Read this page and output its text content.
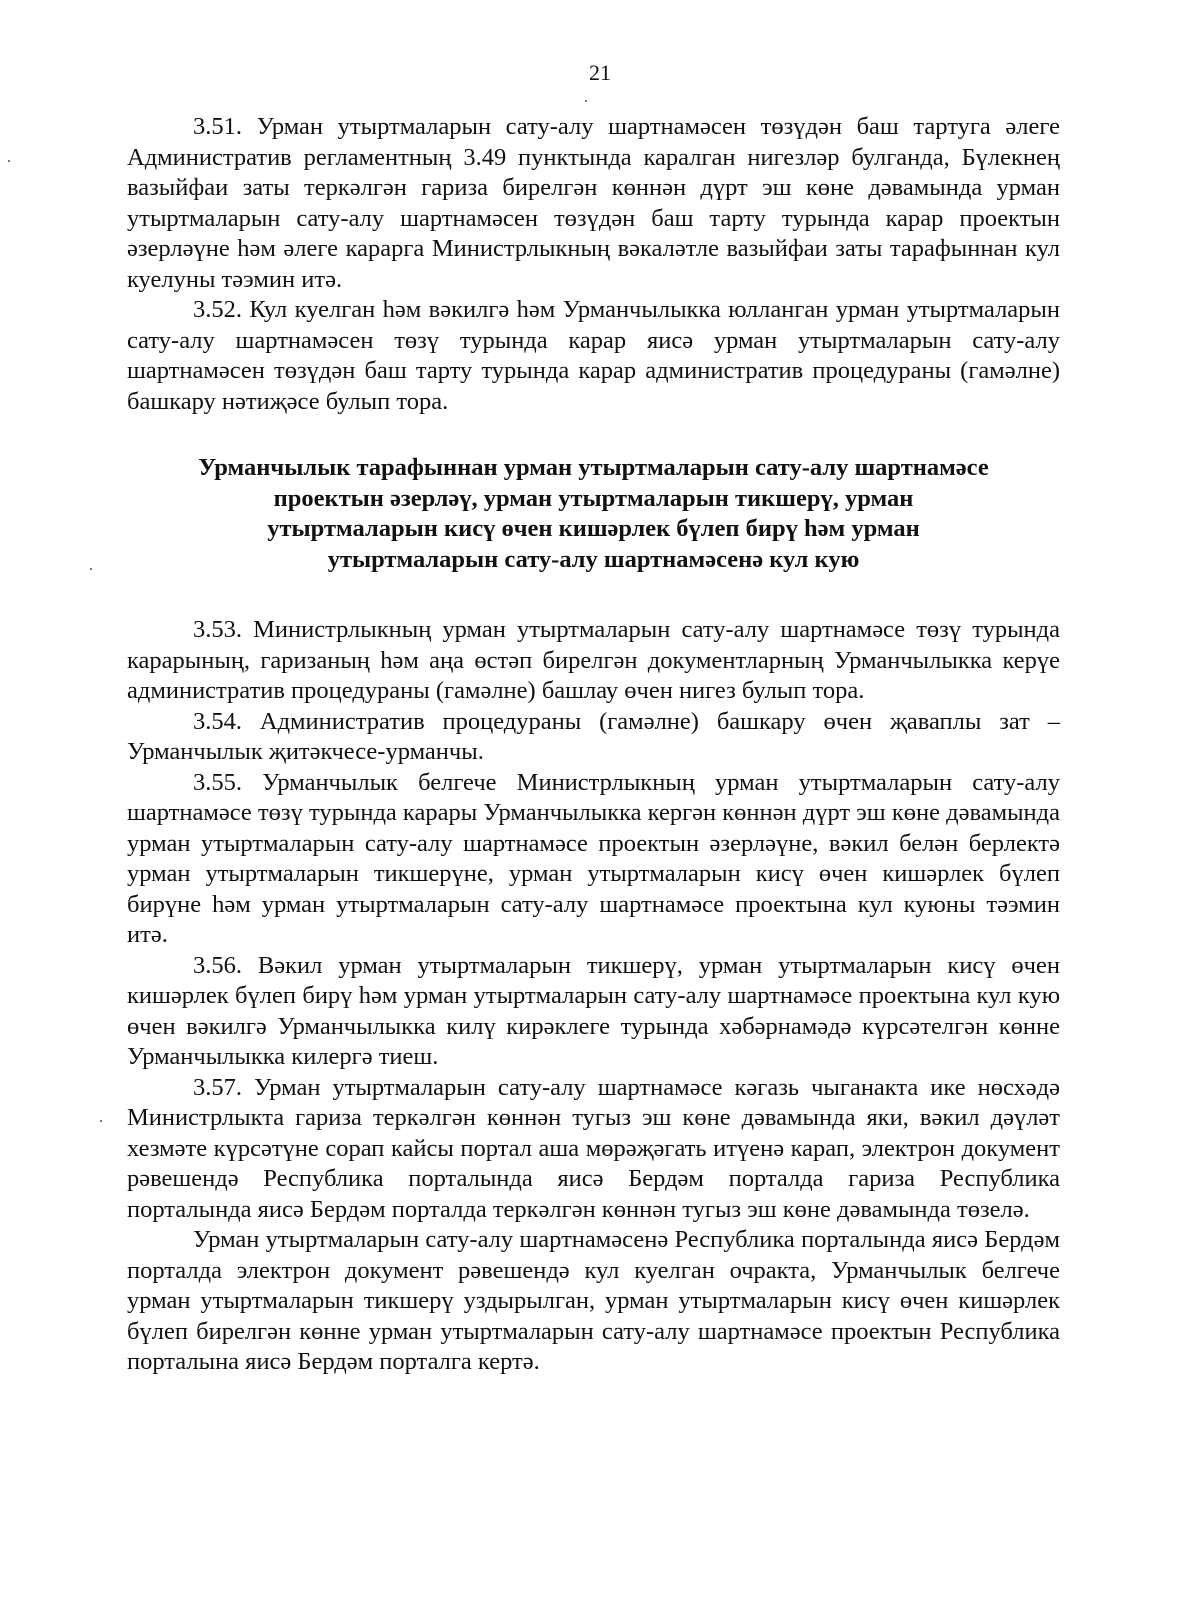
21

3.51. Урман утыртмаларын сату-алу шартнамәсен төзүдән баш тартуга әлеге Административ регламентның 3.49 пунктында каралган нигезләр булганда, Бүлекнең вазыйфаи заты теркәлгән гариза бирелгән көннән дүрт эш көне дәвамында урман утыртмаларын сату-алу шартнамәсен төзүдән баш тарту турында карар проектын әзерләүне һәм әлеге карарга Министрлыкның вәкаләтле вазыйфаи заты тарафыннан кул куелуны тәэмин итә.

3.52. Кул куелган һәм вәкилгә һәм Урманчылыкка юлланган урман утыртмаларын сату-алу шартнамәсен төзү турында карар яисә урман утыртмаларын сату-алу шартнамәсен төзүдән баш тарту турында карар административ процедураны (гамәлне) башкару нәтиҗәсе булып тора.

Урманчылык тарафыннан урман утыртмаларын сату-алу шартнамәсе
проектын әзерләү, урман утыртмаларын тикшерү, урман
утыртмаларын кисү өчен кишәрлек бүлеп бирү һәм урман
утыртмаларын сату-алу шартнамәсенә кул кую

3.53. Министрлыкның урман утыртмаларын сату-алу шартнамәсе төзү турында карарының, гаризаның һәм аңа өстәп бирелгән документларның Урманчылыкка керүе административ процедураны (гамәлне) башлау өчен нигез булып тора.

3.54. Административ процедураны (гамәлне) башкару өчен җаваплы зат – Урманчылык җитәкчесе-урманчы.

3.55. Урманчылык белгече Министрлыкның урман утыртмаларын сату-алу шартнамәсе төзү турында карары Урманчылыкка кергән көннән дүрт эш көне дәвамында урман утыртмаларын сату-алу шартнамәсе проектын әзерләүне, вәкил белән берлектә урман утыртмаларын тикшерүне, урман утыртмаларын кисү өчен кишәрлек бүлеп бирүне һәм урман утыртмаларын сату-алу шартнамәсе проектына кул куюны тәэмин итә.

3.56. Вәкил урман утыртмаларын тикшерү, урман утыртмаларын кисү өчен кишәрлек бүлеп бирү һәм урман утыртмаларын сату-алу шартнамәсе проектына кул кую өчен вәкилгә Урманчылыкка килү кирәклеге турында хәбәрнамәдә күрсәтелгән көнне Урманчылыкка килергә тиеш.

3.57. Урман утыртмаларын сату-алу шартнамәсе кәгазь чыганакта ике нөсхәдә Министрлыкта гариза теркәлгән көннән тугыз эш көне дәвамында яки, вәкил дәүләт хезмәте күрсәтүне сорап кайсы портал аша мөрәҗәгать итүенә карап, электрон документ рәвешендә Республика порталында яисә Бердәм порталда гариза Республика порталында яисә Бердәм порталда теркәлгән көннән тугыз эш көне дәвамында төзелә.

Урман утыртмаларын сату-алу шартнамәсенә Республика порталында яисә Бердәм порталда электрон документ рәвешендә кул куелган очракта, Урманчылык белгече урман утыртмаларын тикшерү уздырылган, урман утыртмаларын кисү өчен кишәрлек бүлеп бирелгән көнне урман утыртмаларын сату-алу шартнамәсе проектын Республика порталына яисә Бердәм порталга кертә.
